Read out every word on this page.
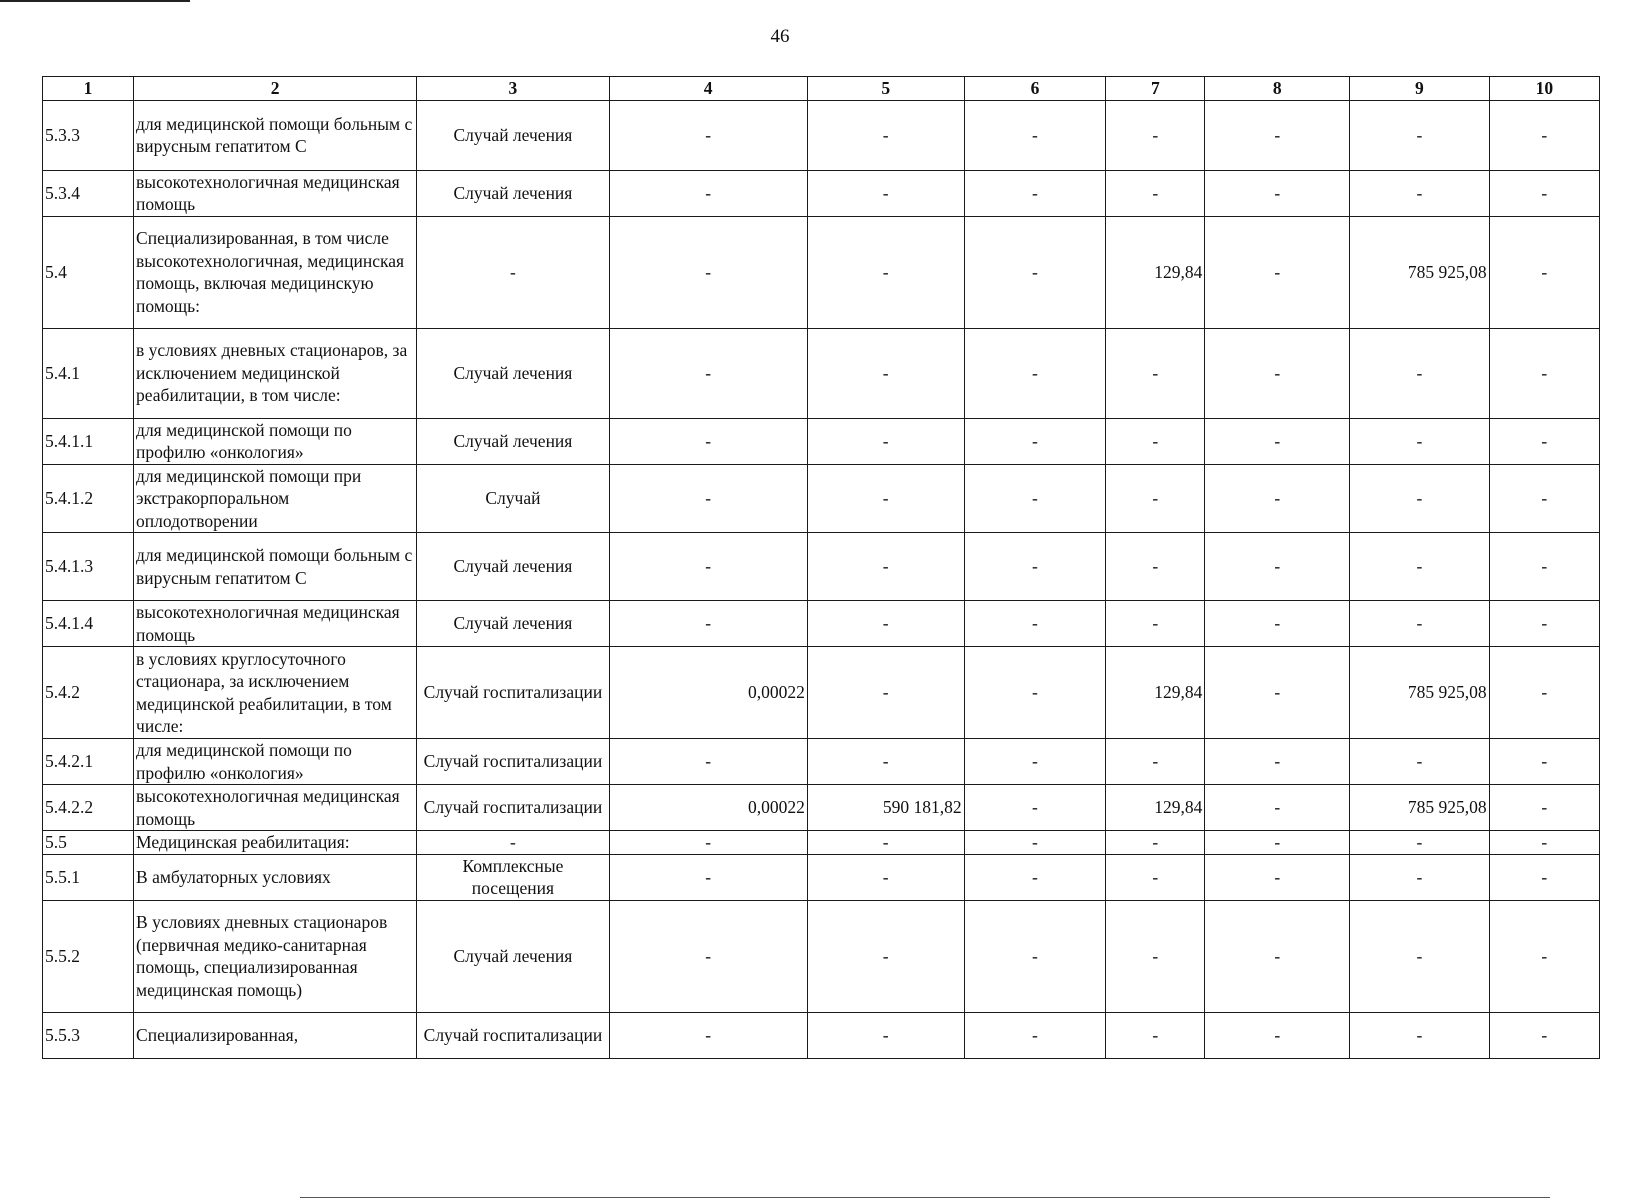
46
1	2	3	4	5	6	7	8	9	10
5.3.3	для медицинской помощи больным с вирусным гепатитом С	Случай лечения	-	-	-	-	-	-	-
5.3.4	высокотехнологичная медицинская помощь	Случай лечения	-	-	-	-	-	-	-
5.4	Специализированная, в том числе высокотехнологичная, медицинская помощь, включая медицинскую помощь:	-	-	-	-	129,84	-	785 925,08	-
5.4.1	в условиях дневных стационаров, за исключением медицинской реабилитации, в том числе:	Случай лечения	-	-	-	-	-	-	-
5.4.1.1	для медицинской помощи по профилю «онкология»	Случай лечения	-	-	-	-	-	-	-
5.4.1.2	для медицинской помощи при экстракорпоральном оплодотворении	Случай	-	-	-	-	-	-	-
5.4.1.3	для медицинской помощи больным с вирусным гепатитом С	Случай лечения	-	-	-	-	-	-	-
5.4.1.4	высокотехнологичная медицинская помощь	Случай лечения	-	-	-	-	-	-	-
5.4.2	в условиях круглосуточного стационара, за исключением медицинской реабилитации, в том числе:	Случай госпитализации	0,00022	-	-	129,84	-	785 925,08	-
5.4.2.1	для медицинской помощи по профилю «онкология»	Случай госпитализации	-	-	-	-	-	-	-
5.4.2.2	высокотехнологичная медицинская помощь	Случай госпитализации	0,00022	590 181,82	-	129,84	-	785 925,08	-
5.5	Медицинская реабилитация:	-	-	-	-	-	-	-	-
5.5.1	В амбулаторных условиях	Комплексные посещения	-	-	-	-	-	-	-
5.5.2	В условиях дневных стационаров (первичная медико-санитарная помощь, специализированная медицинская помощь)	Случай лечения	-	-	-	-	-	-	-
5.5.3	Специализированная,	Случай госпитализации	-	-	-	-	-	-	-
